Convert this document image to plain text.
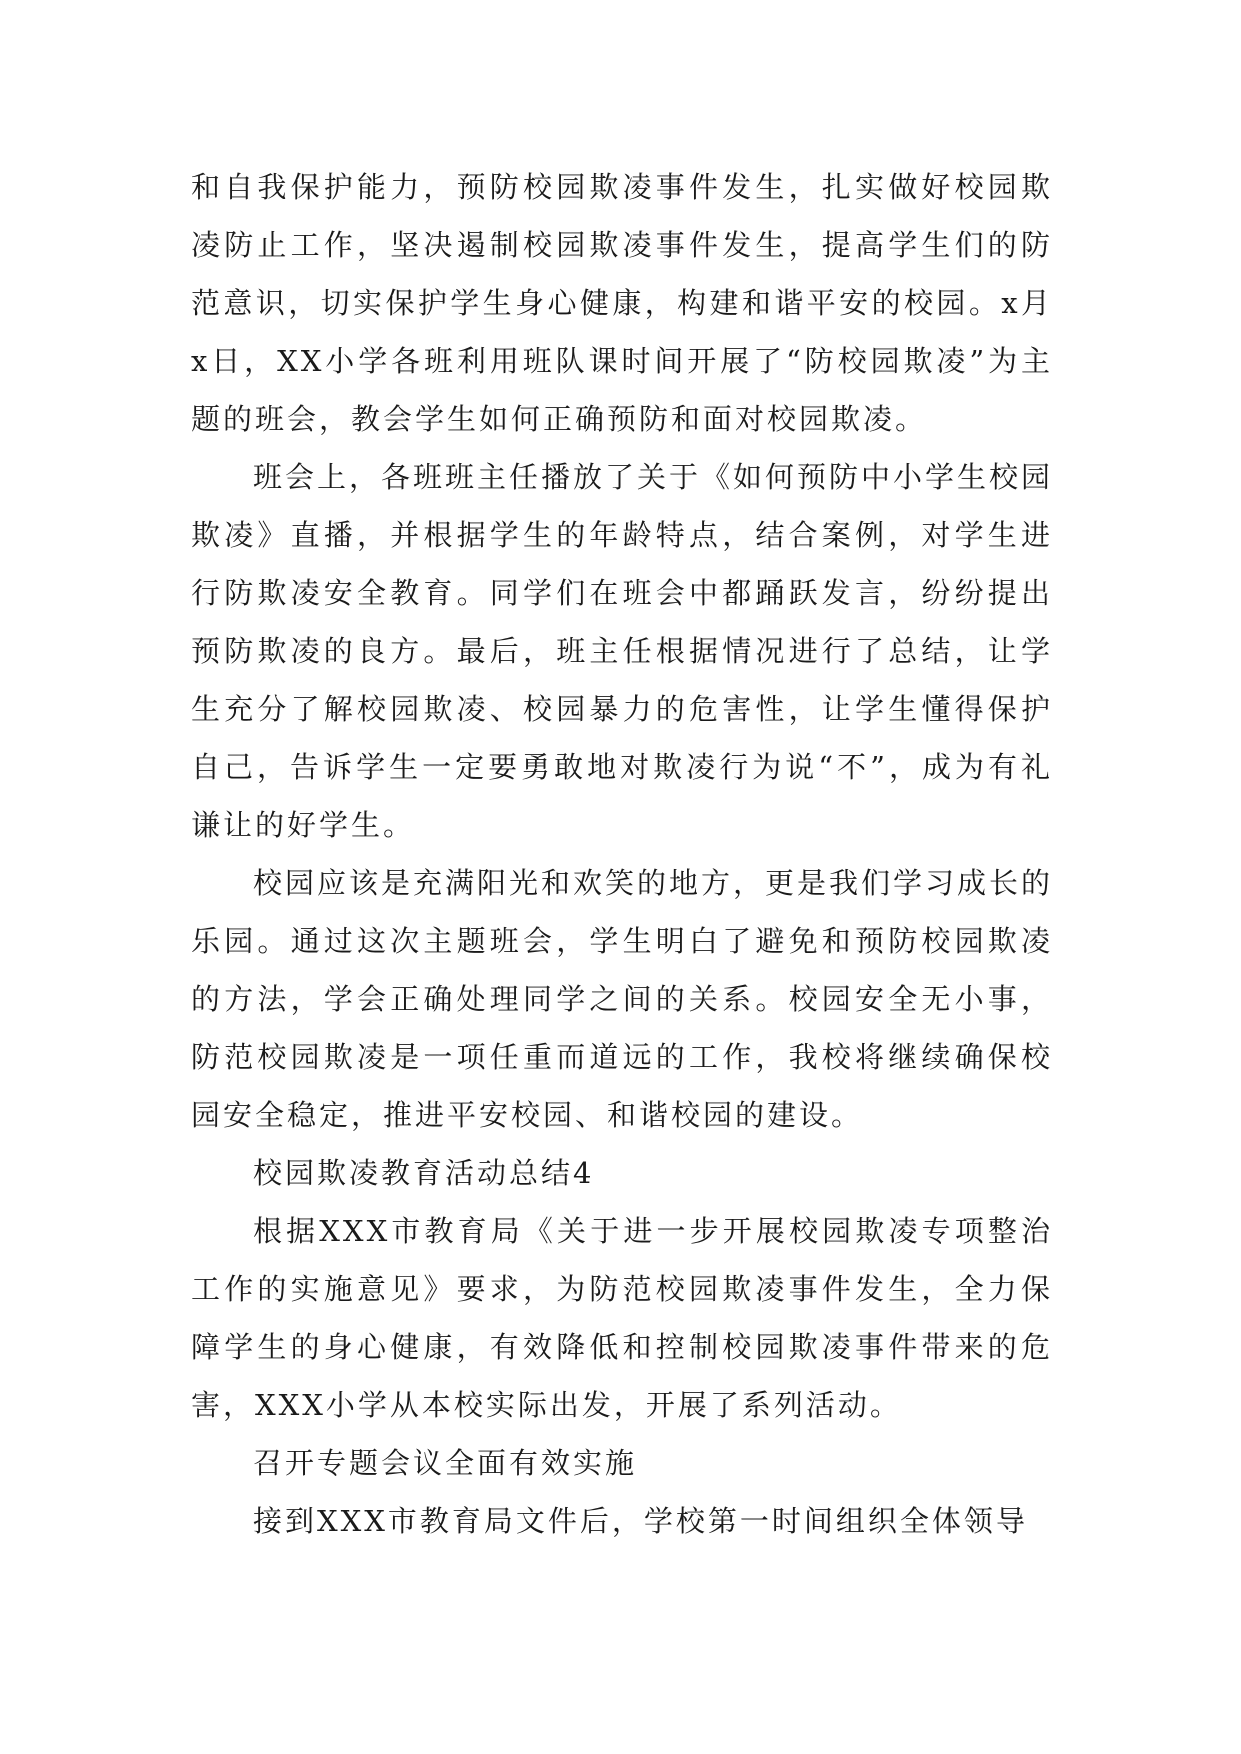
和自我保护能力，预防校园欺凌事件发生，扎实做好校园欺凌防止工作，坚决遏制校园欺凌事件发生，提高学生们的防范意识，切实保护学生身心健康，构建和谐平安的校园。x月x日，XX小学各班利用班队课时间开展了“防校园欺凌”为主题的班会，教会学生如何正确预防和面对校园欺凌。

班会上，各班班主任播放了关于《如何预防中小学生校园欺凌》直播，并根据学生的年龄特点，结合案例，对学生进行防欺凌安全教育。同学们在班会中都踊跃发言，纷纷提出预防欺凌的良方。最后，班主任根据情况进行了总结，让学生充分了解校园欺凌、校园暴力的危害性，让学生懂得保护自己，告诉学生一定要勇敢地对欺凌行为说“不”，成为有礼谦让的好学生。

校园应该是充满阳光和欢笑的地方，更是我们学习成长的乐园。通过这次主题班会，学生明白了避免和预防校园欺凌的方法，学会正确处理同学之间的关系。校园安全无小事，防范校园欺凌是一项任重而道远的工作，我校将继续确保校园安全稳定，推进平安校园、和谐校园的建设。

校园欺凌教育活动总结4

根据XXX市教育局《关于进一步开展校园欺凌专项整治工作的实施意见》要求，为防范校园欺凌事件发生，全力保障学生的身心健康，有效降低和控制校园欺凌事件带来的危害，XXX小学从本校实际出发，开展了系列活动。

召开专题会议全面有效实施

接到XXX市教育局文件后，学校第一时间组织全体领导
